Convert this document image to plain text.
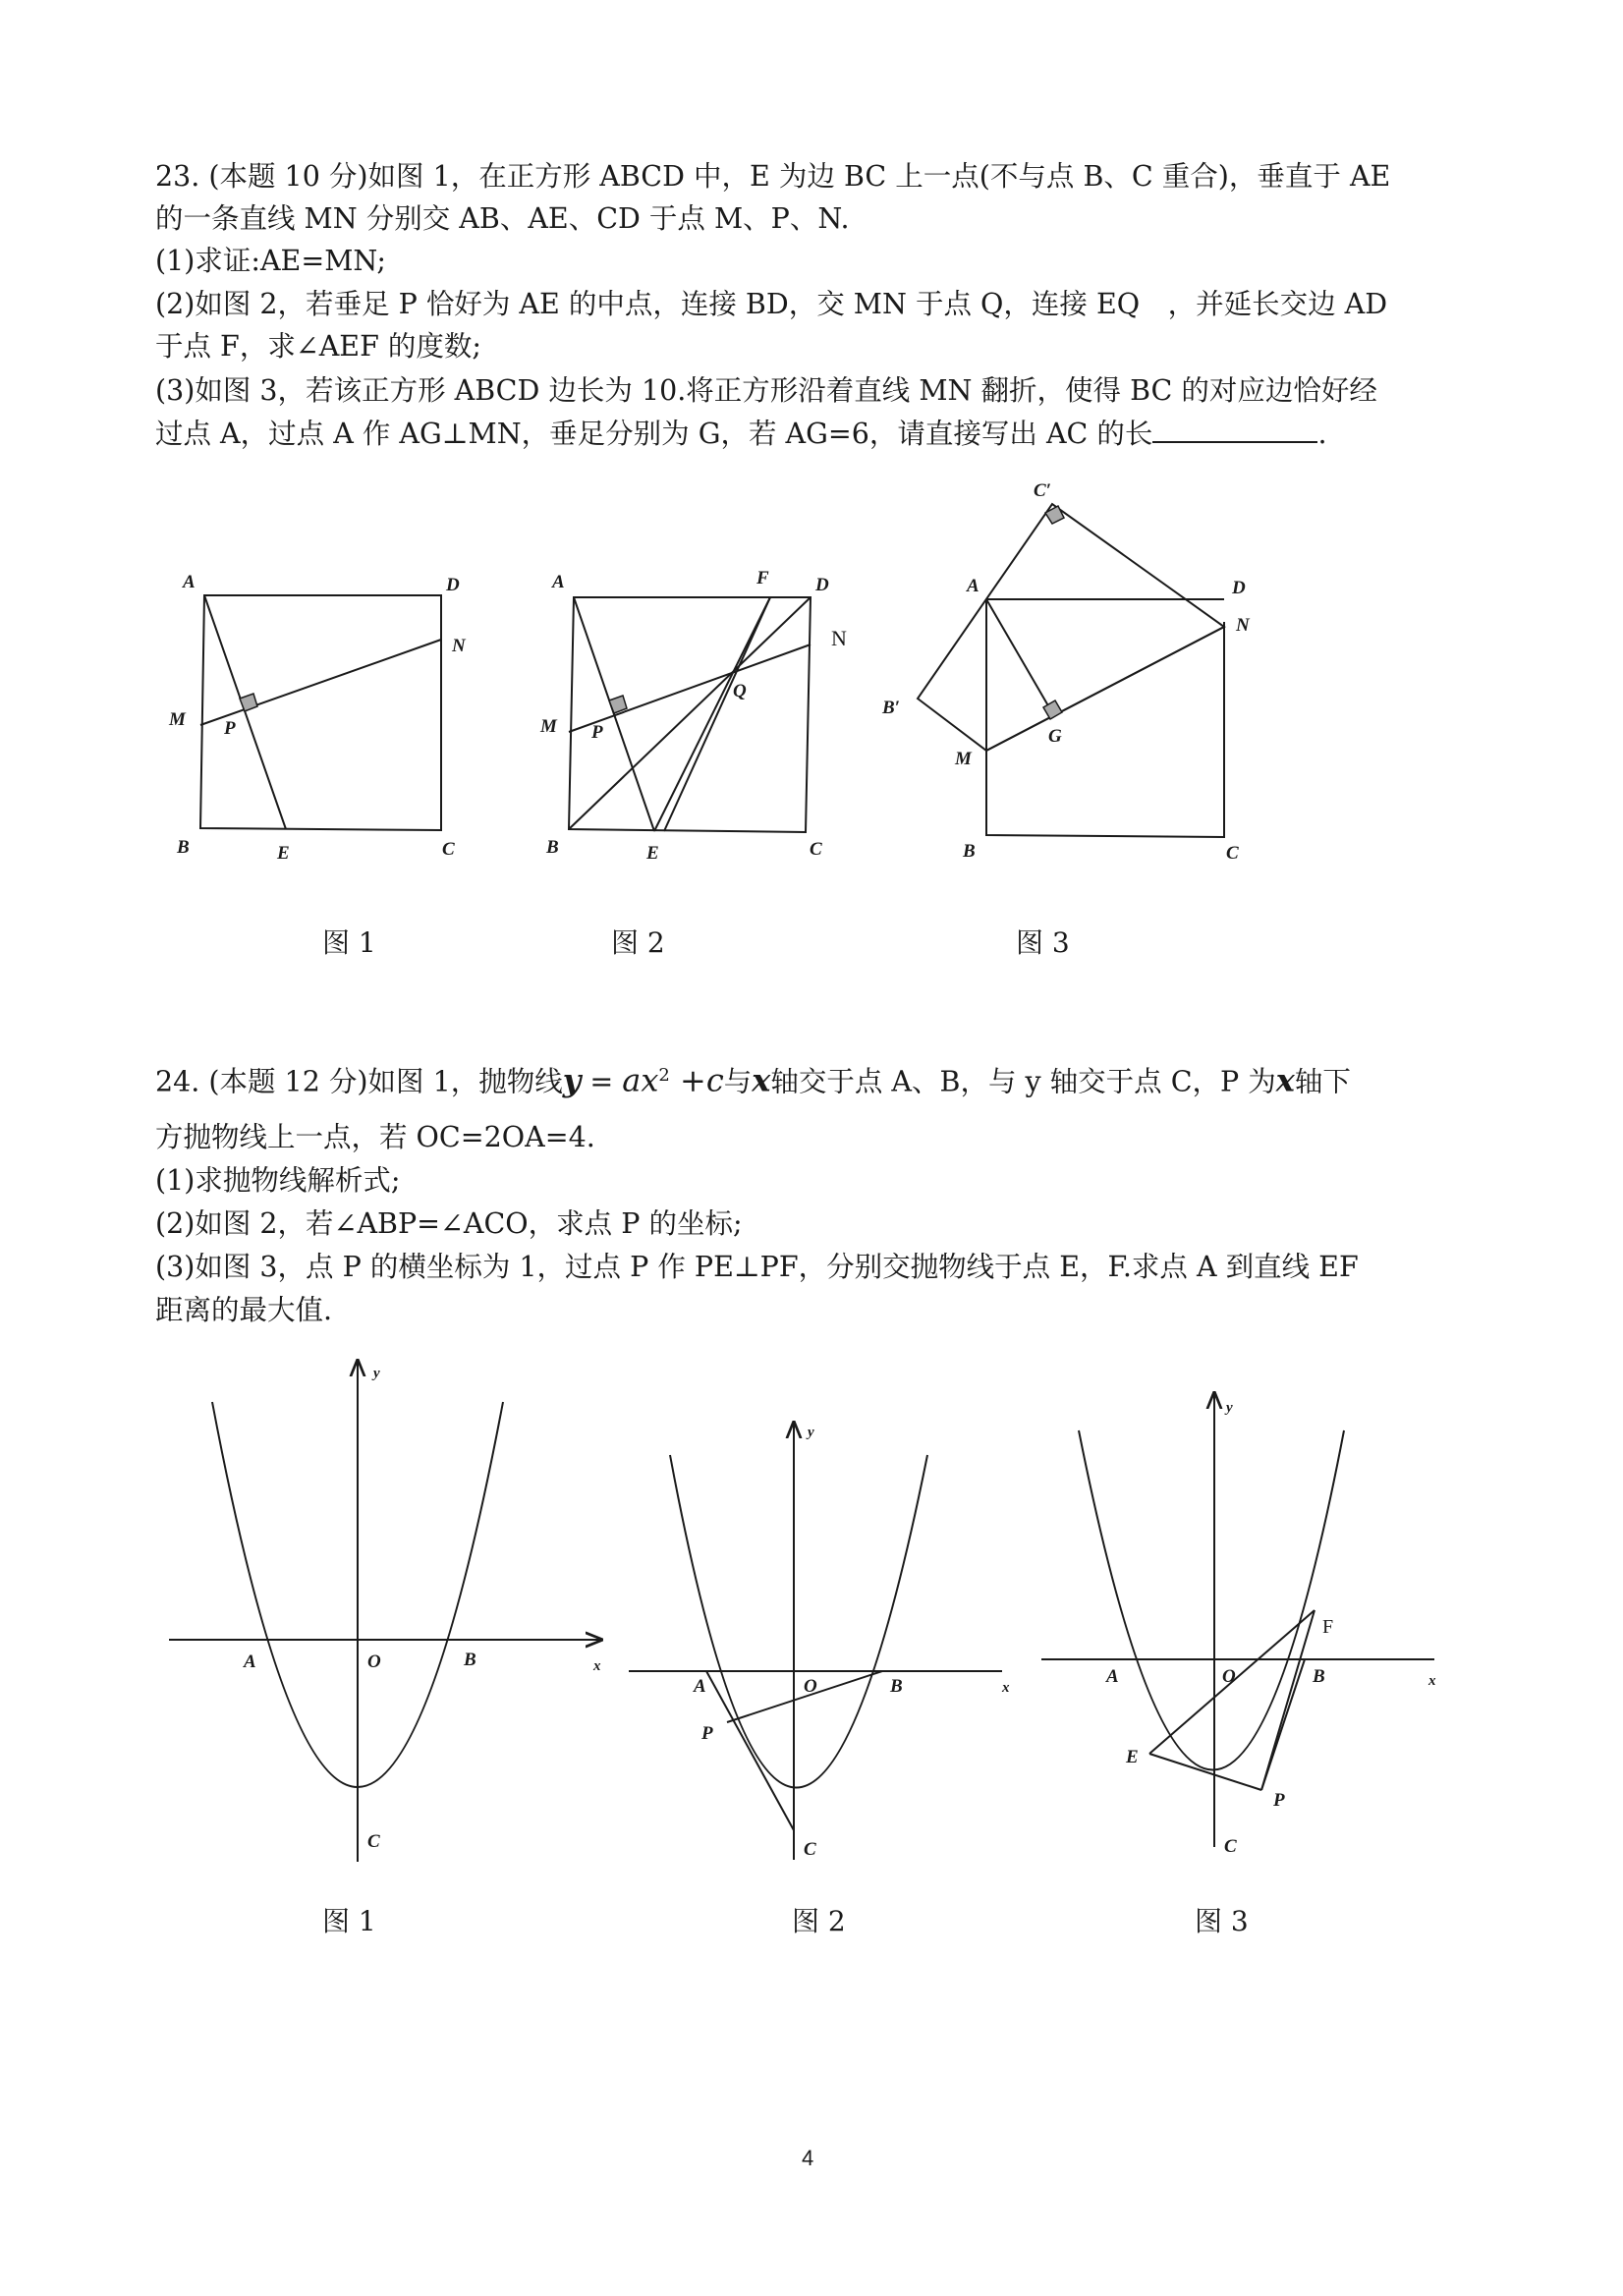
23. (本题 10 分)如图 1，在正方形 ABCD 中，E 为边 BC 上一点(不与点 B、C 重合)，垂直于 AE
的一条直线 MN 分别交 AB、AE、CD 于点 M、P、N.
(1)求证:AE=MN;
(2)如图 2，若垂足 P 恰好为 AE 的中点，连接 BD，交 MN 于点 Q，连接 EQ　，并延长交边 AD
于点 F，求∠AEF 的度数;
(3)如图 3，若该正方形 ABCD 边长为 10.将正方形沿着直线 MN 翻折，使得 BC 的对应边恰好经
过点 A，过点 A 作 AG⊥MN，垂足分别为 G，若 AG=6，请直接写出 AC 的长	.
A	D
N
M P
B	E	C
A	F D
N
Q
M P
B	E	C
C′
A	D
N
B′
G
M
B	C
图 1	图 2	图 3
24. (本题 12 分)如图 1，抛物线$y = ax^2 +c$与x轴交于点 A、B，与 y 轴交于点 C，P 为x轴下
方抛物线上一点，若 OC=2OA=4.
(1)求抛物线解析式;
(2)如图 2，若∠ABP=∠ACO，求点 P 的坐标;
(3)如图 3，点 P 的横坐标为 1，过点 P 作 PE⊥PF，分别交抛物线于点 E，F.求点 A 到直线 EF
距离的最大值.
y
x
A	O	B
C
y
x
A	O	B
P
C
y
x
F
A	O	B
E
P
C
图 1	图 2	图 3
4
